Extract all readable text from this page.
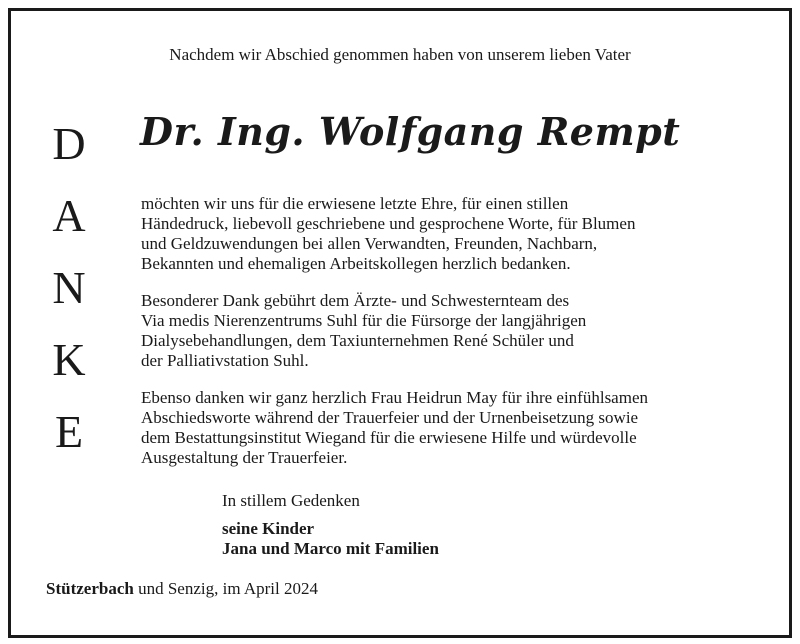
Nachdem wir Abschied genommen haben von unserem lieben Vater
Dr. Ing. Wolfgang Rempt
D
A
N
K
E
möchten wir uns für die erwiesene letzte Ehre, für einen stillen
Händedruck, liebevoll geschriebene und gesprochene Worte, für Blumen
und Geldzuwendungen bei allen Verwandten, Freunden, Nachbarn,
Bekannten und ehemaligen Arbeitskollegen herzlich bedanken.
Besonderer Dank gebührt dem Ärzte- und Schwesternteam des
Via medis Nierenzentrums Suhl für die Fürsorge der langjährigen
Dialysebehandlungen, dem Taxiunternehmen René Schüler und
der Palliativstation Suhl.
Ebenso danken wir ganz herzlich Frau Heidrun May für ihre einfühlsamen
Abschiedsworte während der Trauerfeier und der Urnenbeisetzung sowie
dem Bestattungsinstitut Wiegand für die erwiesene Hilfe und würdevolle
Ausgestaltung der Trauerfeier.
In stillem Gedenken
seine Kinder
Jana und Marco mit Familien
Stützerbach und Senzig, im April 2024
